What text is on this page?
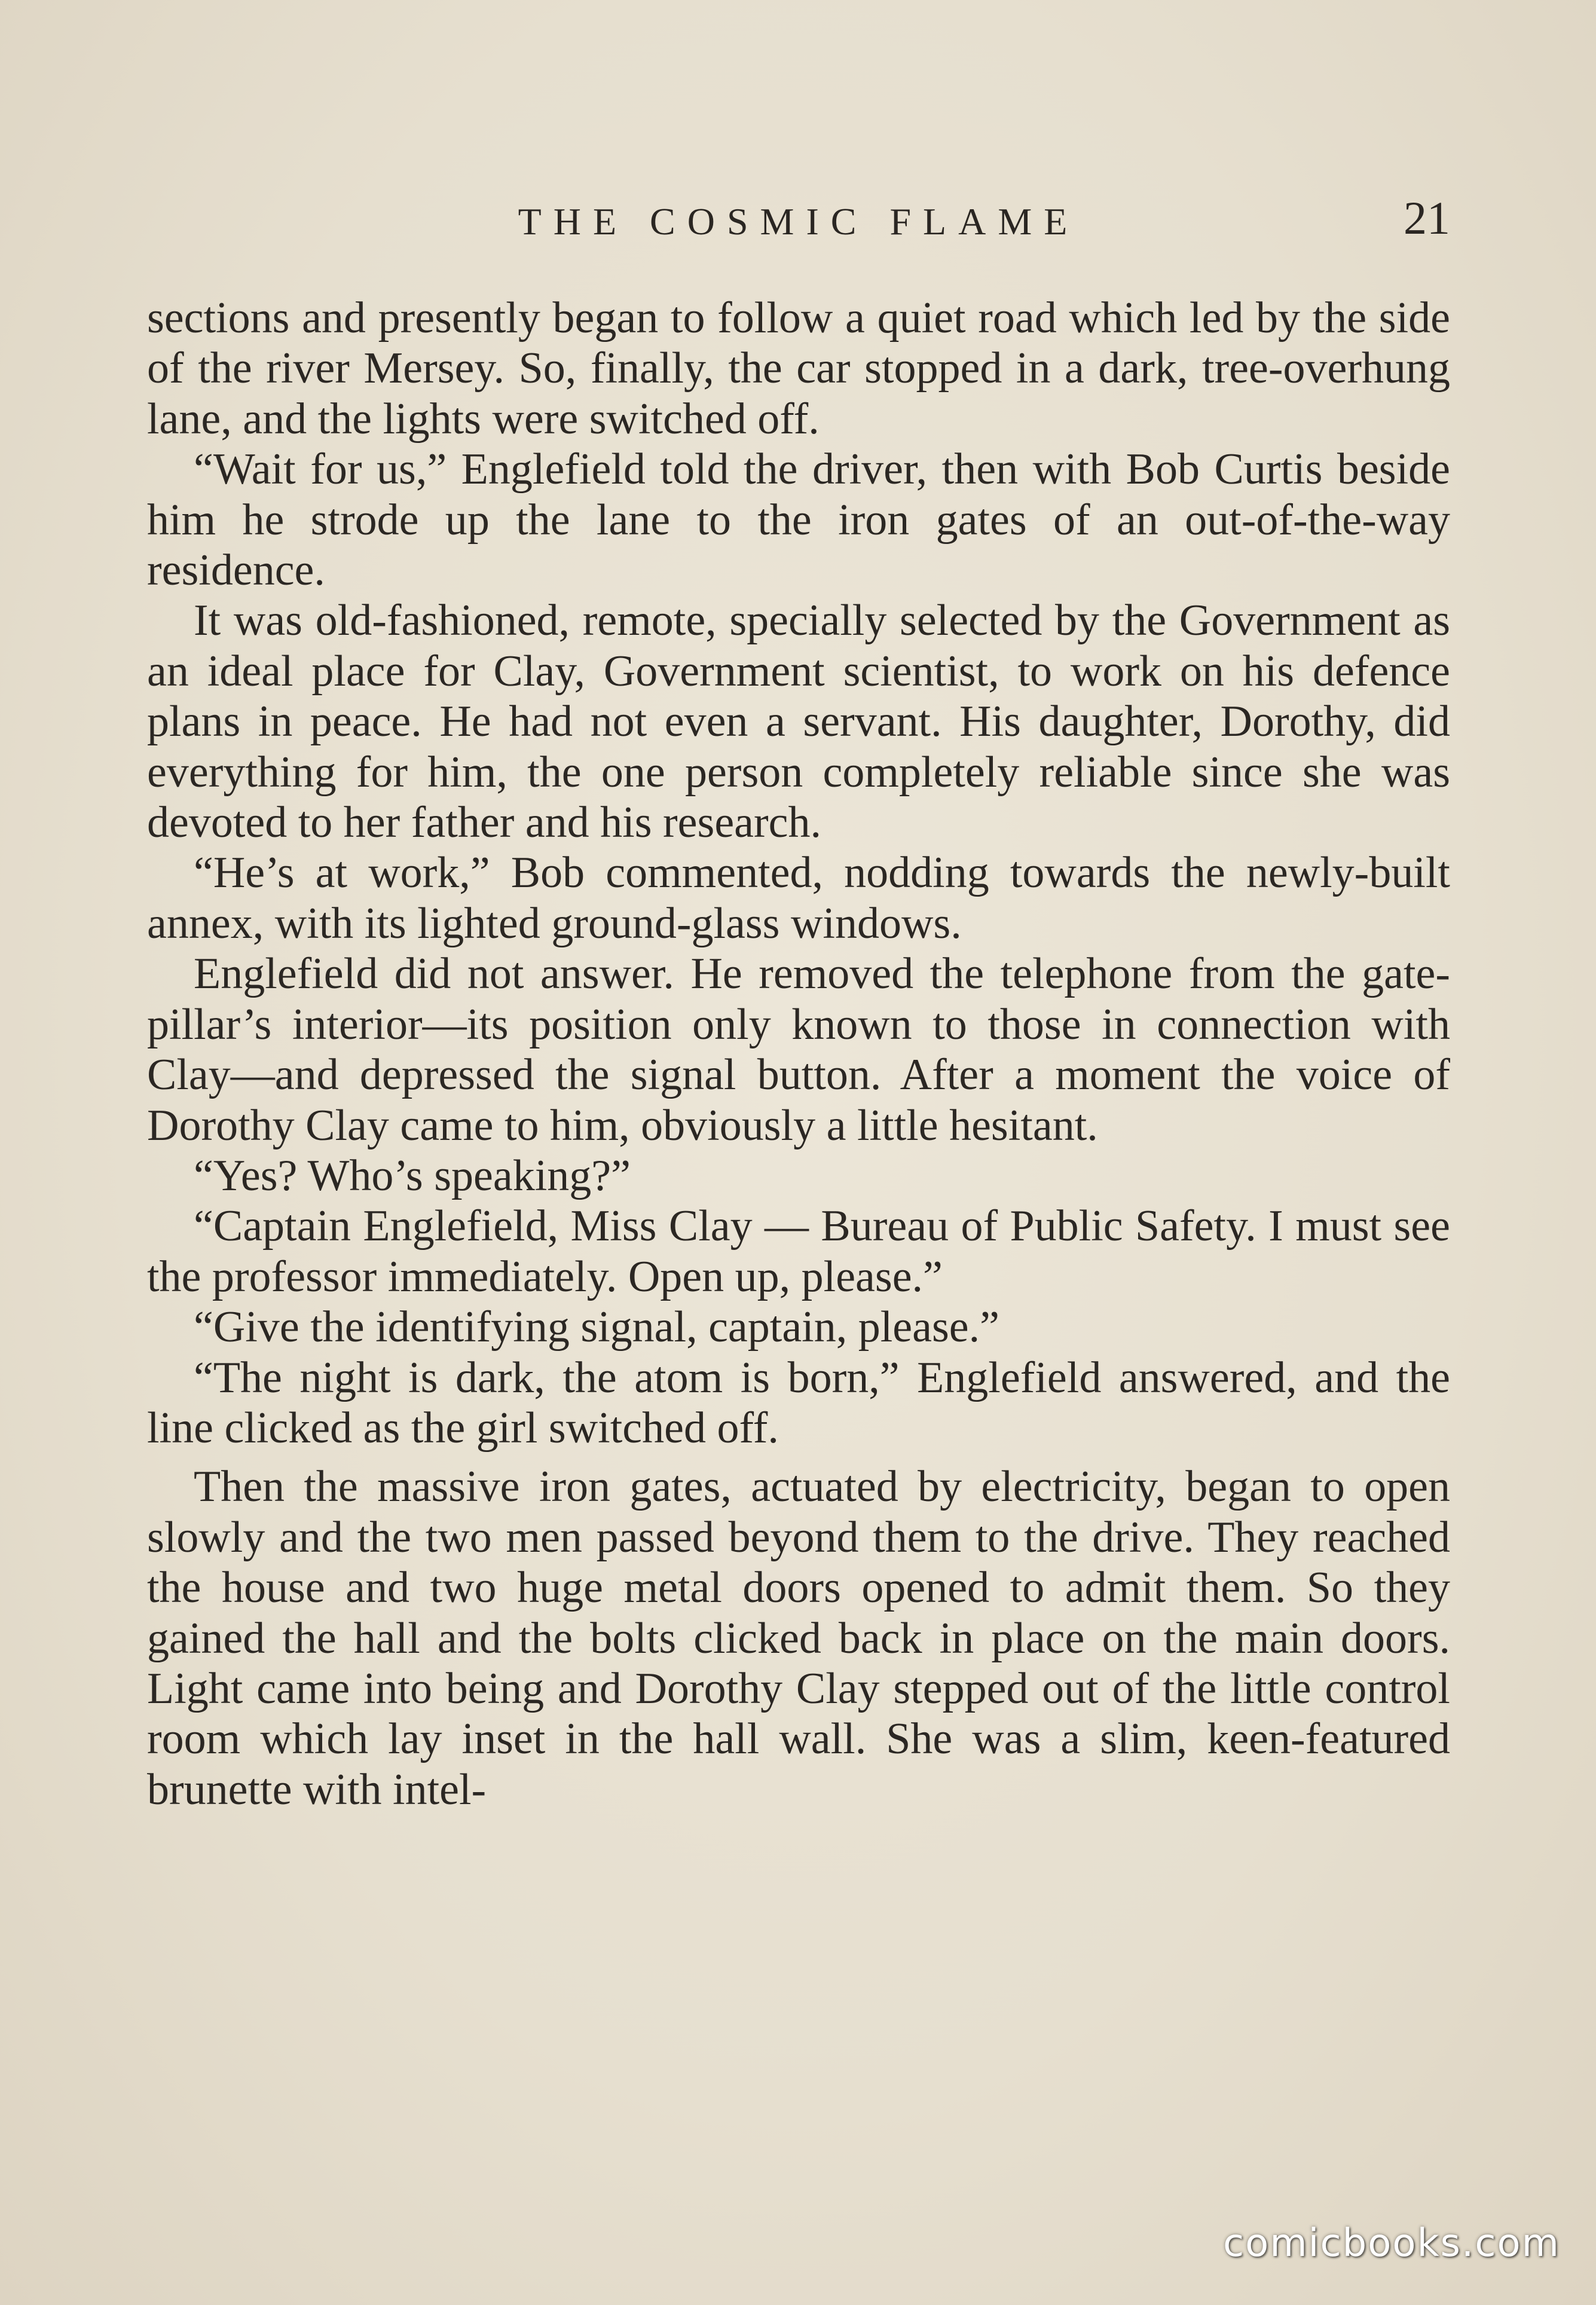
THE COSMIC FLAME	21

sections and presently began to follow a quiet road which led by the side of the river Mersey. So, finally, the car stopped in a dark, tree-overhung lane, and the lights were switched off.

“Wait for us,” Englefield told the driver, then with Bob Curtis beside him he strode up the lane to the iron gates of an out-of-the-way residence.

It was old-fashioned, remote, specially selected by the Government as an ideal place for Clay, Government scientist, to work on his defence plans in peace. He had not even a servant. His daughter, Dorothy, did everything for him, the one person completely reliable since she was devoted to her father and his research.

“He’s at work,” Bob commented, nodding towards the newly-built annex, with its lighted ground-glass windows.

Englefield did not answer. He removed the telephone from the gate-pillar’s interior—its position only known to those in connection with Clay—and depressed the signal button. After a moment the voice of Dorothy Clay came to him, obviously a little hesitant.

“Yes? Who’s speaking?”

“Captain Englefield, Miss Clay — Bureau of Public Safety. I must see the professor immediately. Open up, please.”

“Give the identifying signal, captain, please.”

“The night is dark, the atom is born,” Englefield answered, and the line clicked as the girl switched off.

Then the massive iron gates, actuated by electricity, began to open slowly and the two men passed beyond them to the drive. They reached the house and two huge metal doors opened to admit them. So they gained the hall and the bolts clicked back in place on the main doors. Light came into being and Dorothy Clay stepped out of the little control room which lay inset in the hall wall. She was a slim, keen-featured brunette with intel-

comicbooks.com
